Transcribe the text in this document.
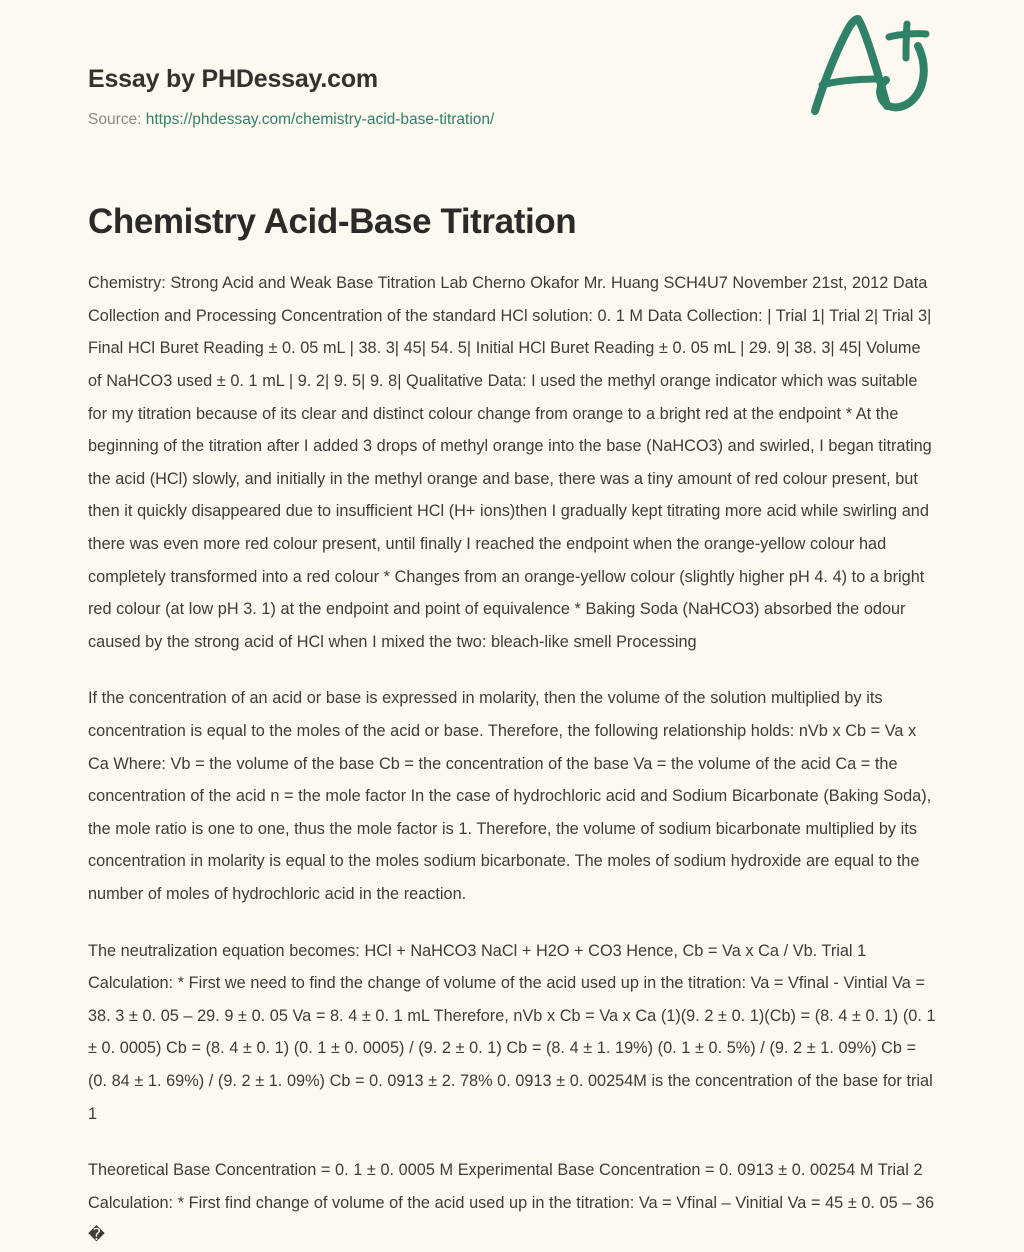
Essay by PHDessay.com
Source: https://phdessay.com/chemistry-acid-base-titration/
Chemistry Acid-Base Titration

Chemistry: Strong Acid and Weak Base Titration Lab Cherno Okafor Mr. Huang SCH4U7 November 21st, 2012 Data Collection and Processing Concentration of the standard HCl solution: 0. 1 M Data Collection: | Trial 1| Trial 2| Trial 3| Final HCl Buret Reading ± 0. 05 mL | 38. 3| 45| 54. 5| Initial HCl Buret Reading ± 0. 05 mL | 29. 9| 38. 3| 45| Volume of NaHCO3 used ± 0. 1 mL | 9. 2| 9. 5| 9. 8| Qualitative Data: I used the methyl orange indicator which was suitable for my titration because of its clear and distinct colour change from orange to a bright red at the endpoint * At the beginning of the titration after I added 3 drops of methyl orange into the base (NaHCO3) and swirled, I began titrating the acid (HCl) slowly, and initially in the methyl orange and base, there was a tiny amount of red colour present, but then it quickly disappeared due to insufficient HCl (H+ ions)then I gradually kept titrating more acid while swirling and there was even more red colour present, until finally I reached the endpoint when the orange-yellow colour had completely transformed into a red colour * Changes from an orange-yellow colour (slightly higher pH 4. 4) to a bright red colour (at low pH 3. 1) at the endpoint and point of equivalence * Baking Soda (NaHCO3) absorbed the odour caused by the strong acid of HCl when I mixed the two: bleach-like smell Processing

If the concentration of an acid or base is expressed in molarity, then the volume of the solution multiplied by its concentration is equal to the moles of the acid or base. Therefore, the following relationship holds: nVb x Cb = Va x Ca Where: Vb = the volume of the base Cb = the concentration of the base Va = the volume of the acid Ca = the concentration of the acid n = the mole factor In the case of hydrochloric acid and Sodium Bicarbonate (Baking Soda), the mole ratio is one to one, thus the mole factor is 1. Therefore, the volume of sodium bicarbonate multiplied by its concentration in molarity is equal to the moles sodium bicarbonate. The moles of sodium hydroxide are equal to the number of moles of hydrochloric acid in the reaction.

The neutralization equation becomes: HCl + NaHCO3 NaCl + H2O + CO3 Hence, Cb = Va x Ca / Vb. Trial 1 Calculation: * First we need to find the change of volume of the acid used up in the titration: Va = Vfinal - Vintial Va = 38. 3 ± 0. 05 – 29. 9 ± 0. 05 Va = 8. 4 ± 0. 1 mL Therefore, nVb x Cb = Va x Ca (1)(9. 2 ± 0. 1)(Cb) = (8. 4 ± 0. 1) (0. 1 ± 0. 0005) Cb = (8. 4 ± 0. 1) (0. 1 ± 0. 0005) / (9. 2 ± 0. 1) Cb = (8. 4 ± 1. 19%) (0. 1 ± 0. 5%) / (9. 2 ± 1. 09%) Cb = (0. 84 ± 1. 69%) / (9. 2 ± 1. 09%) Cb = 0. 0913 ± 2. 78% 0. 0913 ± 0. 00254M is the concentration of the base for trial 1

Theoretical Base Concentration = 0. 1 ± 0. 0005 M Experimental Base Concentration = 0. 0913 ± 0. 00254 M Trial 2 Calculation: * First find change of volume of the acid used up in the titration: Va = Vfinal – Vinitial Va = 45 ± 0. 05 – 36 �
